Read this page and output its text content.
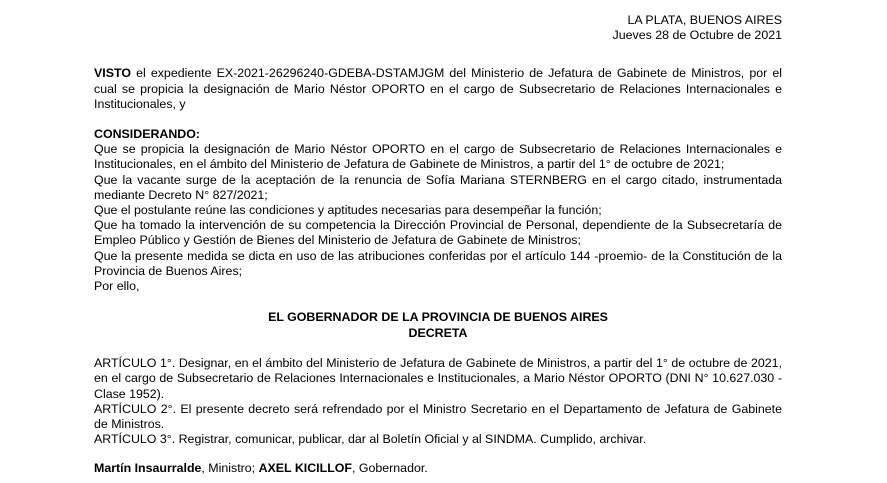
LA PLATA, BUENOS AIRES
Jueves 28 de Octubre de 2021
VISTO el expediente EX-2021-26296240-GDEBA-DSTAMJGM del Ministerio de Jefatura de Gabinete de Ministros, por el cual se propicia la designación de Mario Néstor OPORTO en el cargo de Subsecretario de Relaciones Internacionales e Institucionales, y
CONSIDERANDO:
Que se propicia la designación de Mario Néstor OPORTO en el cargo de Subsecretario de Relaciones Internacionales e Institucionales, en el ámbito del Ministerio de Jefatura de Gabinete de Ministros, a partir del 1° de octubre de 2021;
Que la vacante surge de la aceptación de la renuncia de Sofía Mariana STERNBERG en el cargo citado, instrumentada mediante Decreto N° 827/2021;
Que el postulante reúne las condiciones y aptitudes necesarias para desempeñar la función;
Que ha tomado la intervención de su competencia la Dirección Provincial de Personal, dependiente de la Subsecretaría de Empleo Público y Gestión de Bienes del Ministerio de Jefatura de Gabinete de Ministros;
Que la presente medida se dicta en uso de las atribuciones conferidas por el artículo 144 -proemio- de la Constitución de la Provincia de Buenos Aires;
Por ello,
EL GOBERNADOR DE LA PROVINCIA DE BUENOS AIRES
DECRETA
ARTÍCULO 1°. Designar, en el ámbito del Ministerio de Jefatura de Gabinete de Ministros, a partir del 1° de octubre de 2021, en el cargo de Subsecretario de Relaciones Internacionales e Institucionales, a Mario Néstor OPORTO (DNI N° 10.627.030 - Clase 1952).
ARTÍCULO 2°. El presente decreto será refrendado por el Ministro Secretario en el Departamento de Jefatura de Gabinete de Ministros.
ARTÍCULO 3°. Registrar, comunicar, publicar, dar al Boletín Oficial y al SINDMA. Cumplido, archivar.
Martín Insaurralde, Ministro; AXEL KICILLOF, Gobernador.
